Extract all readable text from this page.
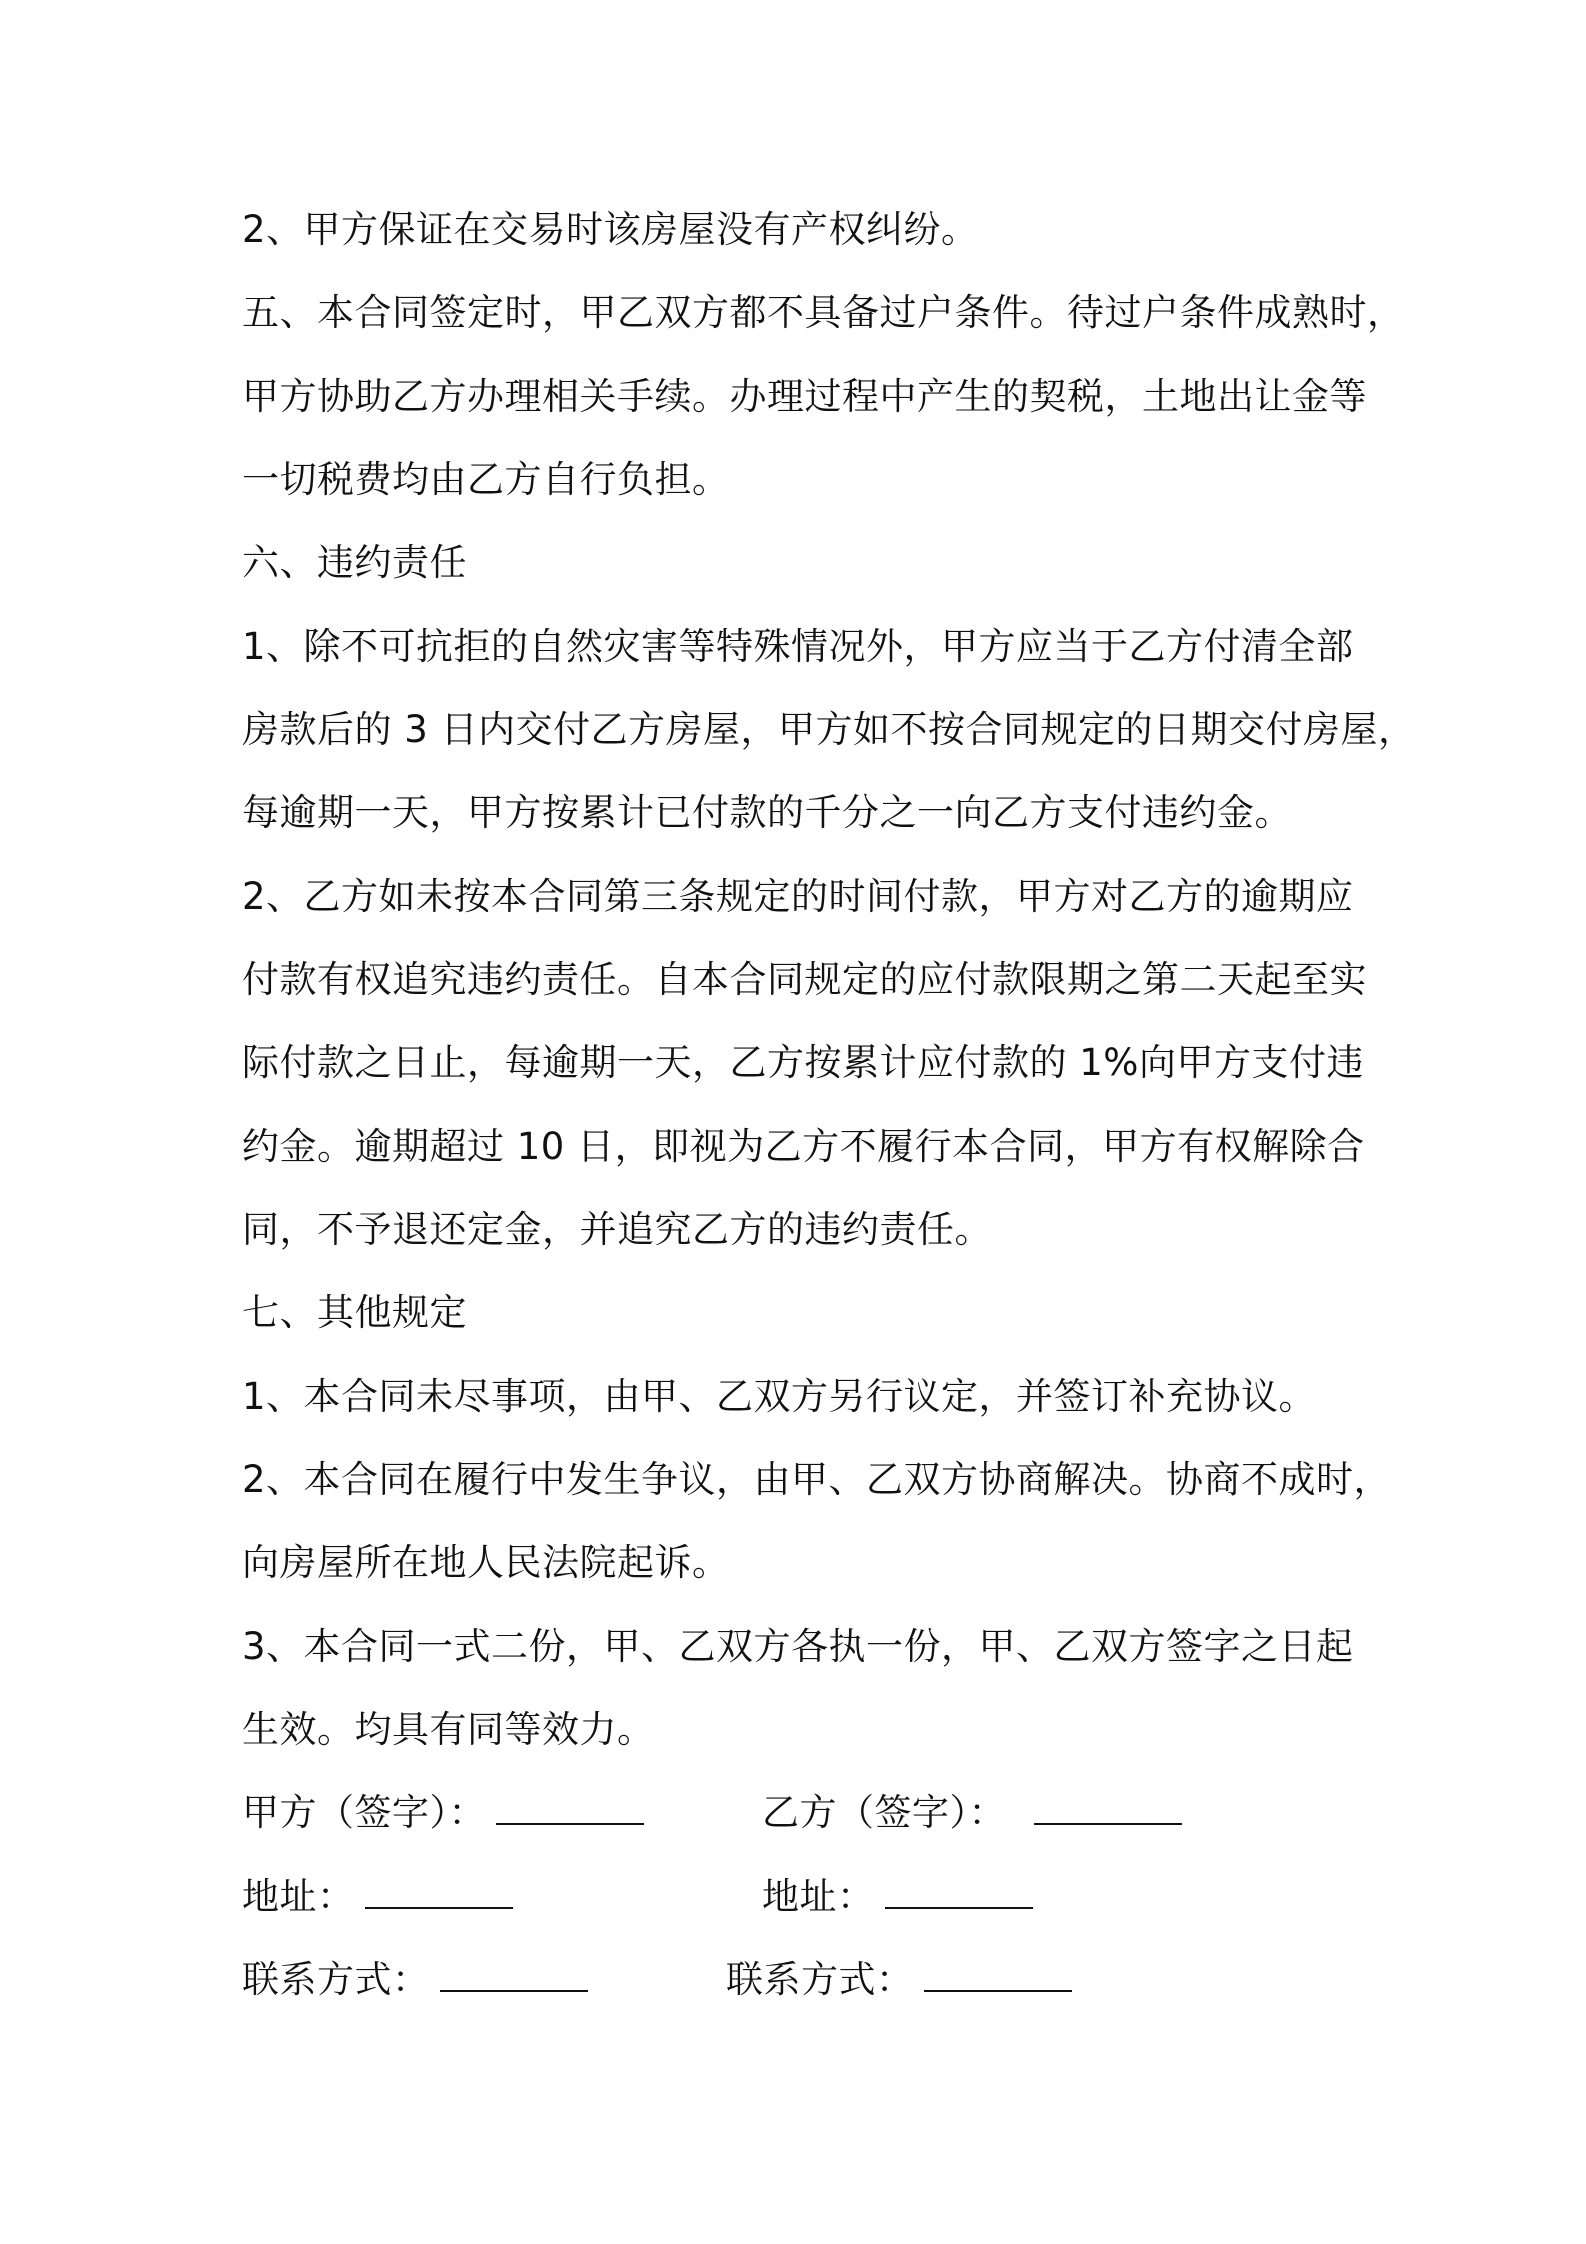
2、甲方保证在交易时该房屋没有产权纠纷。
五、本合同签定时，甲乙双方都不具备过户条件。待过户条件成熟时，
甲方协助乙方办理相关手续。办理过程中产生的契税，土地出让金等
一切税费均由乙方自行负担。
六、违约责任
1、除不可抗拒的自然灾害等特殊情况外，甲方应当于乙方付清全部
房款后的 3 日内交付乙方房屋，甲方如不按合同规定的日期交付房屋，
每逾期一天，甲方按累计已付款的千分之一向乙方支付违约金。
2、乙方如未按本合同第三条规定的时间付款，甲方对乙方的逾期应
付款有权追究违约责任。自本合同规定的应付款限期之第二天起至实
际付款之日止，每逾期一天，乙方按累计应付款的 1%向甲方支付违
约金。逾期超过 10 日，即视为乙方不履行本合同，甲方有权解除合
同，不予退还定金，并追究乙方的违约责任。
七、其他规定
1、本合同未尽事项，由甲、乙双方另行议定，并签订补充协议。
2、本合同在履行中发生争议，由甲、乙双方协商解决。协商不成时，
向房屋所在地人民法院起诉。
3、本合同一式二份，甲、乙双方各执一份，甲、乙双方签字之日起
生效。均具有同等效力。
甲方（签字）：	乙方（签字）：
地址：	地址：
联系方式：	联系方式：
